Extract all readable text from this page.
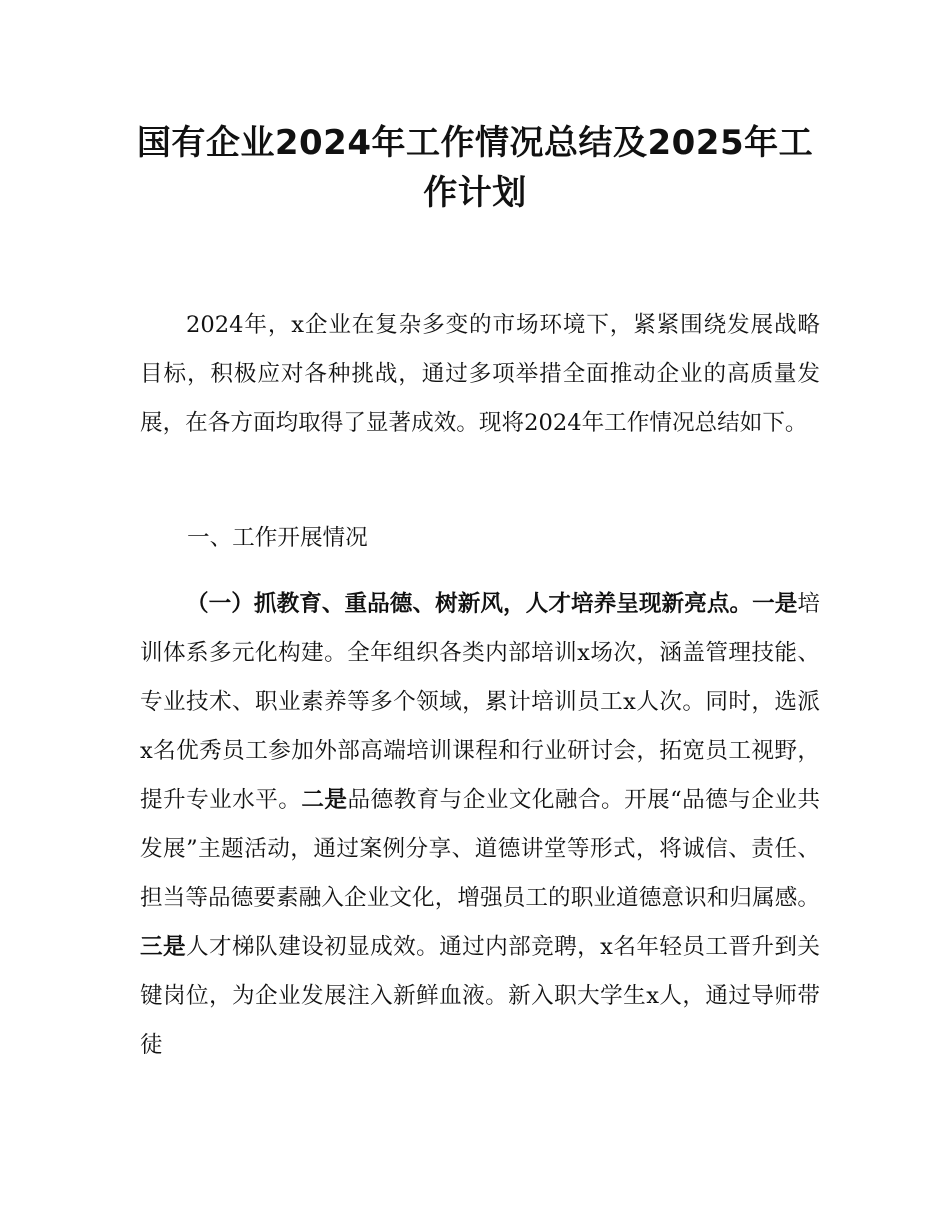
国有企业2024年工作情况总结及2025年工作计划

2024年，x企业在复杂多变的市场环境下，紧紧围绕发展战略目标，积极应对各种挑战，通过多项举措全面推动企业的高质量发展，在各方面均取得了显著成效。现将2024年工作情况总结如下。

一、工作开展情况

（一）抓教育、重品德、树新风，人才培养呈现新亮点。一是培训体系多元化构建。全年组织各类内部培训x场次，涵盖管理技能、专业技术、职业素养等多个领域，累计培训员工x人次。同时，选派x名优秀员工参加外部高端培训课程和行业研讨会，拓宽员工视野，提升专业水平。二是品德教育与企业文化融合。开展“品德与企业共发展”主题活动，通过案例分享、道德讲堂等形式，将诚信、责任、担当等品德要素融入企业文化，增强员工的职业道德意识和归属感。三是人才梯队建设初显成效。通过内部竞聘，x名年轻员工晋升到关键岗位，为企业发展注入新鲜血液。新入职大学生x人，通过导师带徒
